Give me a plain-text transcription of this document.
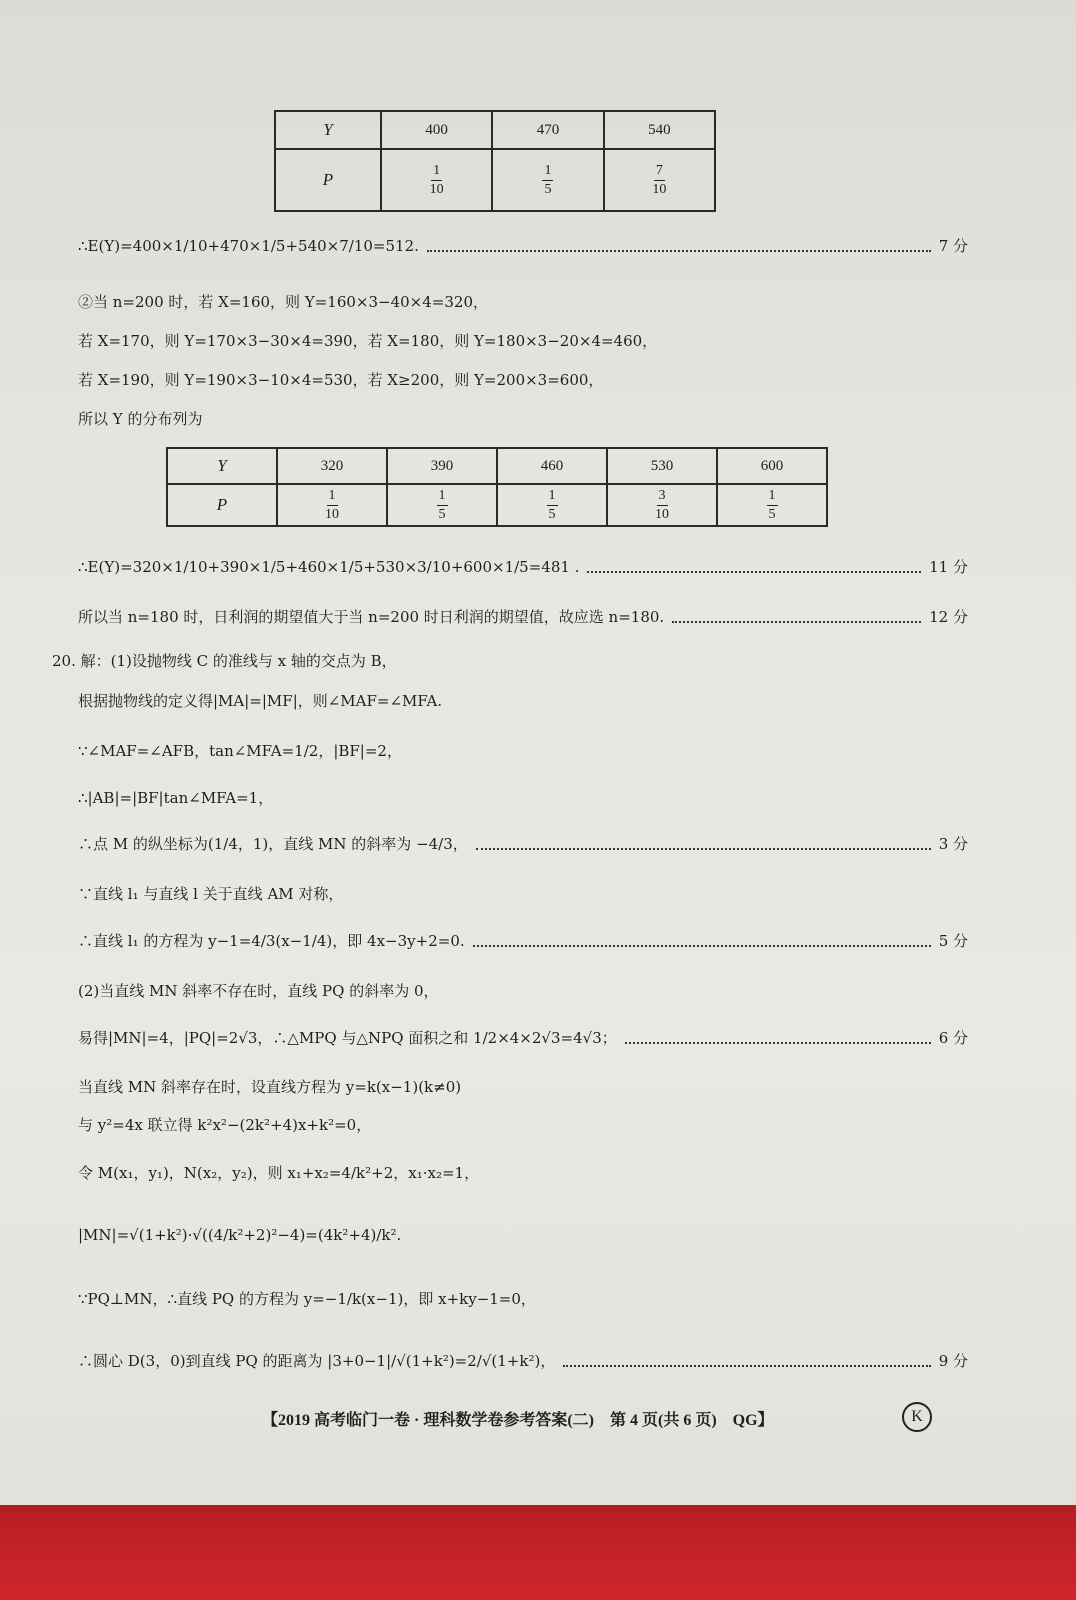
Y	400	470	540
P	$\frac{1}{10}$	$\frac{1}{5}$	$\frac{7}{10}$
∴E(Y)=400×1/10+470×1/5+540×7/10=512.	7 分
②当 n=200 时，若 X=160，则 Y=160×3−40×4=320，
若 X=170，则 Y=170×3−30×4=390，若 X=180，则 Y=180×3−20×4=460，
若 X=190，则 Y=190×3−10×4=530，若 X≥200，则 Y=200×3=600，
所以 Y 的分布列为
Y	320	390	460	530	600
P	$\frac{1}{10}$	$\frac{1}{5}$	$\frac{1}{5}$	$\frac{3}{10}$	$\frac{1}{5}$
∴E(Y)=320×1/10+390×1/5+460×1/5+530×3/10+600×1/5=481 .	11 分
所以当 n=180 时，日利润的期望值大于当 n=200 时日利润的期望值，故应选 n=180.	12 分
20. 解：(1)设抛物线 C 的准线与 x 轴的交点为 B，
根据抛物线的定义得|MA|=|MF|，则∠MAF=∠MFA.
∵∠MAF=∠AFB，tan∠MFA=1/2，|BF|=2，
∴|AB|=|BF|tan∠MFA=1，
∴点 M 的纵坐标为(1/4，1)，直线 MN 的斜率为 −4/3，	3 分
∵直线 l₁ 与直线 l 关于直线 AM 对称，
∴直线 l₁ 的方程为 y−1=4/3(x−1/4)，即 4x−3y+2=0.	5 分
(2)当直线 MN 斜率不存在时，直线 PQ 的斜率为 0，
易得|MN|=4，|PQ|=2√3，∴△MPQ 与△NPQ 面积之和 1/2×4×2√3=4√3；	6 分
当直线 MN 斜率存在时，设直线方程为 y=k(x−1)(k≠0)
与 y²=4x 联立得 k²x²−(2k²+4)x+k²=0，
令 M(x₁，y₁)，N(x₂，y₂)，则 x₁+x₂=4/k²+2，x₁·x₂=1，
|MN|=√(1+k²)·√((4/k²+2)²−4)=(4k²+4)/k².
∵PQ⊥MN，∴直线 PQ 的方程为 y=−1/k(x−1)，即 x+ky−1=0，
∴圆心 D(3，0)到直线 PQ 的距离为 |3+0−1|/√(1+k²)=2/√(1+k²)，	9 分
【2019 高考临门一卷 · 理科数学卷参考答案(二)　第 4 页(共 6 页)　QG】	K
